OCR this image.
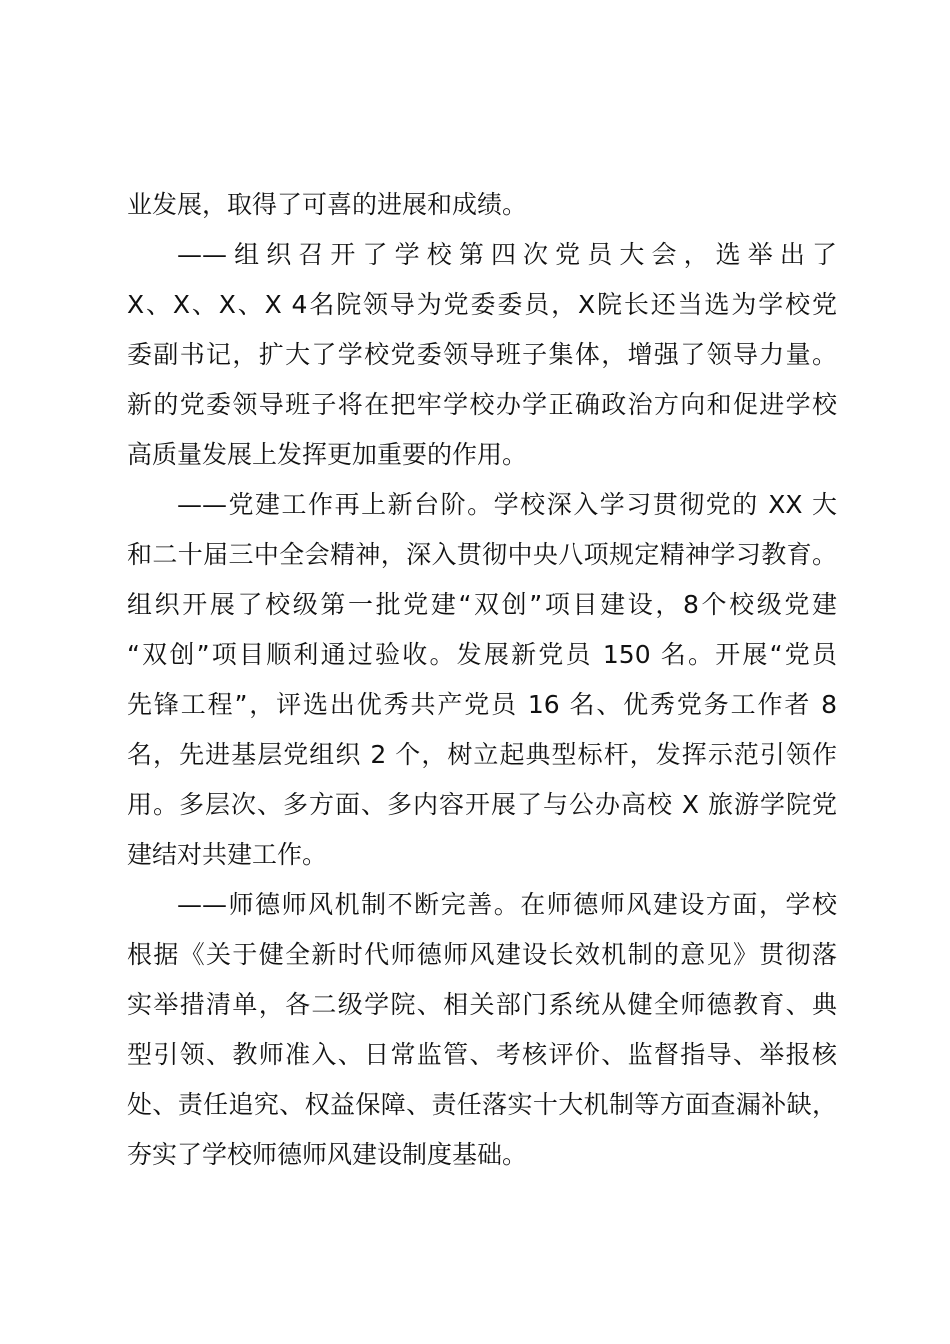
业发展，取得了可喜的进展和成绩。
——组织召开了学校第四次党员大会，选举出了
X、X、X、X 4名院领导为党委委员，X院长还当选为学校党
委副书记，扩大了学校党委领导班子集体，增强了领导力量。
新的党委领导班子将在把牢学校办学正确政治方向和促进学校
高质量发展上发挥更加重要的作用。
——党建工作再上新台阶。学校深入学习贯彻党的 XX 大
和二十届三中全会精神，深入贯彻中央八项规定精神学习教育。
组织开展了校级第一批党建“双创”项目建设，8个校级党建
“双创”项目顺利通过验收。发展新党员 150 名。开展“党员
先锋工程”，评选出优秀共产党员 16 名、优秀党务工作者 8
名，先进基层党组织 2 个，树立起典型标杆，发挥示范引领作
用。多层次、多方面、多内容开展了与公办高校 X 旅游学院党
建结对共建工作。
——师德师风机制不断完善。在师德师风建设方面，学校
根据《关于健全新时代师德师风建设长效机制的意见》贯彻落
实举措清单，各二级学院、相关部门系统从健全师德教育、典
型引领、教师准入、日常监管、考核评价、监督指导、举报核
处、责任追究、权益保障、责任落实十大机制等方面查漏补缺，
夯实了学校师德师风建设制度基础。
